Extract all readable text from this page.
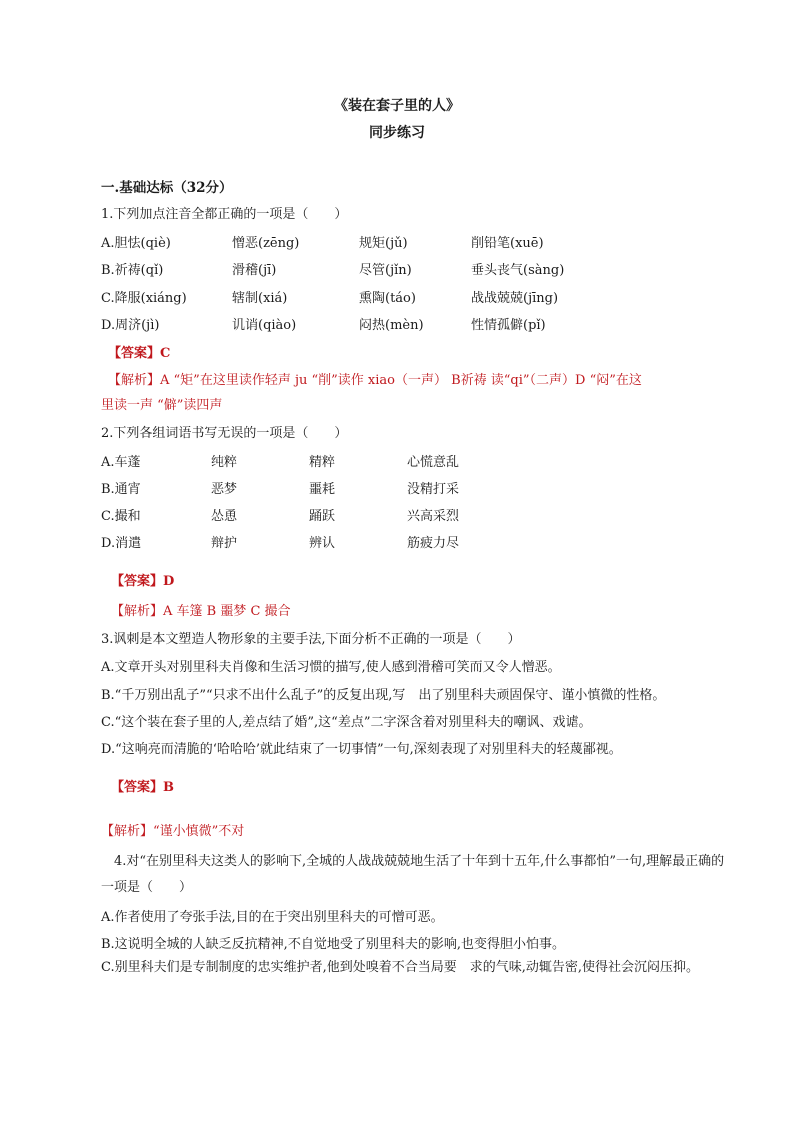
《装在套子里的人》
同步练习
一.基础达标（32分）
1.下列加点注音全都正确的一项是（　　）
A.胆怯(qiè)	憎恶(zēng)	规矩(jǔ)	削铅笔(xuē)
B.祈祷(qǐ)	滑稽(jī)	尽管(jǐn)	垂头丧气(sàng)
C.降服(xiáng)	辖制(xiá)	熏陶(táo)	战战兢兢(jīng)
D.周济(jì)	讥诮(qiào)	闷热(mèn)	性情孤僻(pǐ)
【答案】C
【解析】A “矩”在这里读作轻声 ju “削”读作 xiao（一声） B祈祷 读“qi”（二声）D “闷”在这
里读一声 “僻”读四声
2.下列各组词语书写无误的一项是（　　）
A.车蓬	纯粹	精粹	心慌意乱
B.通宵	恶梦	噩耗	没精打采
C.撮和	怂恿	踊跃	兴高采烈
D.消遣	辩护	辨认	筋疲力尽
【答案】D
【解析】A 车篷 B 噩梦 C 撮合
3.讽刺是本文塑造人物形象的主要手法,下面分析不正确的一项是（　　）
A.文章开头对别里科夫肖像和生活习惯的描写,使人感到滑稽可笑而又令人憎恶。
B.“千万别出乱子”“只求不出什么乱子”的反复出现,写　出了别里科夫顽固保守、谨小慎微的性格。
C.“这个装在套子里的人,差点结了婚”,这“差点”二字深含着对别里科夫的嘲讽、戏谑。
D.“这响亮而清脆的‘哈哈哈’就此结束了一切事情”一句,深刻表现了对别里科夫的轻蔑鄙视。
【答案】B
【解析】“谨小慎微”不对
4.对“在别里科夫这类人的影响下,全城的人战战兢兢地生活了十年到十五年,什么事都怕”一句,理解最正确的一项是（　　）
A.作者使用了夸张手法,目的在于突出别里科夫的可憎可恶。
B.这说明全城的人缺乏反抗精神,不自觉地受了别里科夫的影响,也变得胆小怕事。
C.别里科夫们是专制制度的忠实维护者,他到处嗅着不合当局要　求的气味,动辄告密,使得社会沉闷压抑。
